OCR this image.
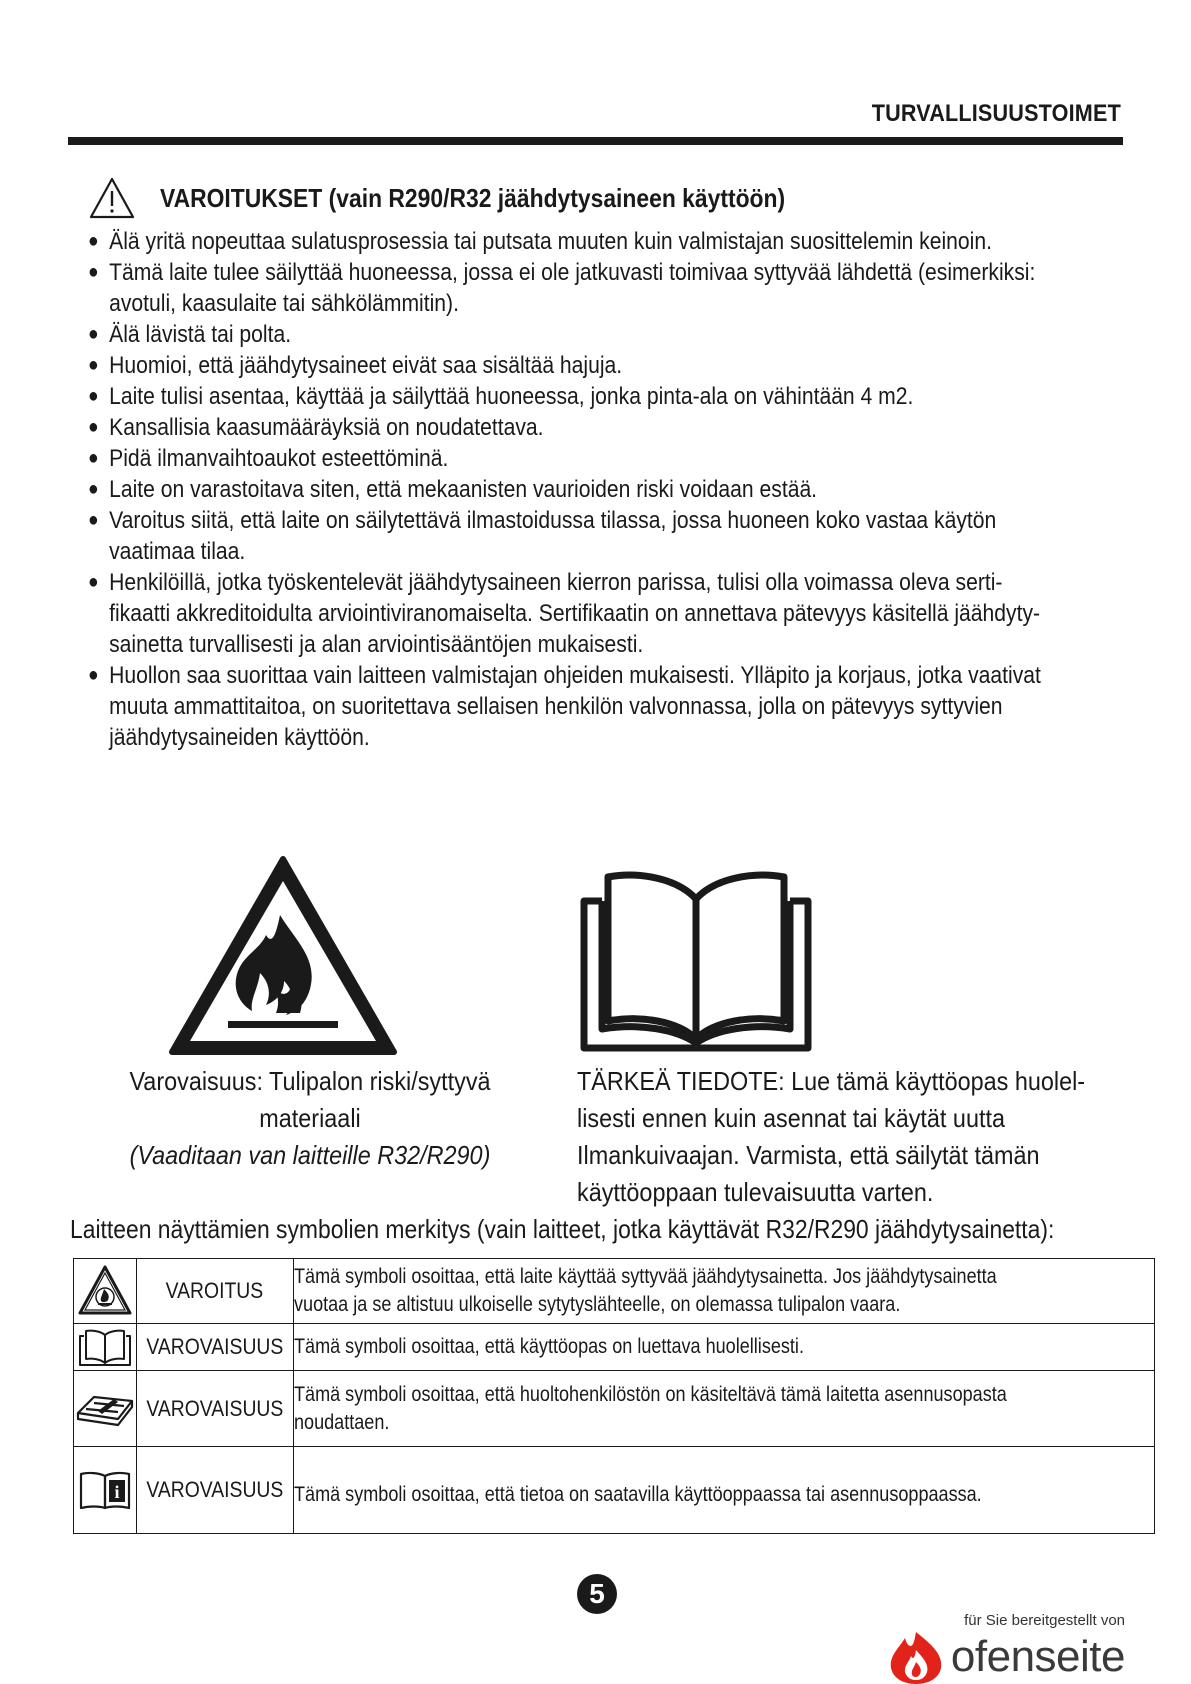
TURVALLISUUSTOIMET
VAROITUKSET (vain R290/R32 jäähdytysaineen käyttöön)
● Älä yritä nopeuttaa sulatusprosessia tai putsata muuten kuin valmistajan suosittelemin keinoin.
● Tämä laite tulee säilyttää huoneessa, jossa ei ole jatkuvasti toimivaa syttyvää lähdettä (esimerkiksi:
avotuli, kaasulaite tai sähkölämmitin).
● Älä lävistä tai polta.
● Huomioi, että jäähdytysaineet eivät saa sisältää hajuja.
● Laite tulisi asentaa, käyttää ja säilyttää huoneessa, jonka pinta-ala on vähintään 4 m2.
● Kansallisia kaasumääräyksiä on noudatettava.
● Pidä ilmanvaihtoaukot esteettöminä.
● Laite on varastoitava siten, että mekaanisten vaurioiden riski voidaan estää.
● Varoitus siitä, että laite on säilytettävä ilmastoidussa tilassa, jossa huoneen koko vastaa käytön
vaatimaa tilaa.
● Henkilöillä, jotka työskentelevät jäähdytysaineen kierron parissa, tulisi olla voimassa oleva serti-
fikaatti akkreditoidulta arviointiviranomaiselta. Sertifikaatin on annettava pätevyys käsitellä jäähdyty-
sainetta turvallisesti ja alan arviointisääntöjen mukaisesti.
● Huollon saa suorittaa vain laitteen valmistajan ohjeiden mukaisesti. Ylläpito ja korjaus, jotka vaativat
muuta ammattitaitoa, on suoritettava sellaisen henkilön valvonnassa, jolla on pätevyys syttyvien
jäähdytysaineiden käyttöön.
Varovaisuus: Tulipalon riski/syttyvä
materiaali
(Vaaditaan van laitteille R32/R290)
TÄRKEÄ TIEDOTE: Lue tämä käyttöopas huolel-
lisesti ennen kuin asennat tai käytät uutta
Ilmankuivaajan. Varmista, että säilytät tämän
käyttöoppaan tulevaisuutta varten.
Laitteen näyttämien symbolien merkitys (vain laitteet, jotka käyttävät R32/R290 jäähdytysainetta):
	VAROITUS	Tämä symboli osoittaa, että laite käyttää syttyvää jäähdytysainetta. Jos jäähdytysainetta
vuotaa ja se altistuu ulkoiselle sytytyslähteelle, on olemassa tulipalon vaara.

	VAROVAISUUS	Tämä symboli osoittaa, että käyttöopas on luettava huolellisesti.

	VAROVAISUUS	Tämä symboli osoittaa, että huoltohenkilöstön on käsiteltävä tämä laitetta asennusopasta
noudattaen.

i	VAROVAISUUS	Tämä symboli osoittaa, että tietoa on saatavilla käyttöoppaassa tai asennusoppaassa.
5
für Sie bereitgestellt von
ofenseite
